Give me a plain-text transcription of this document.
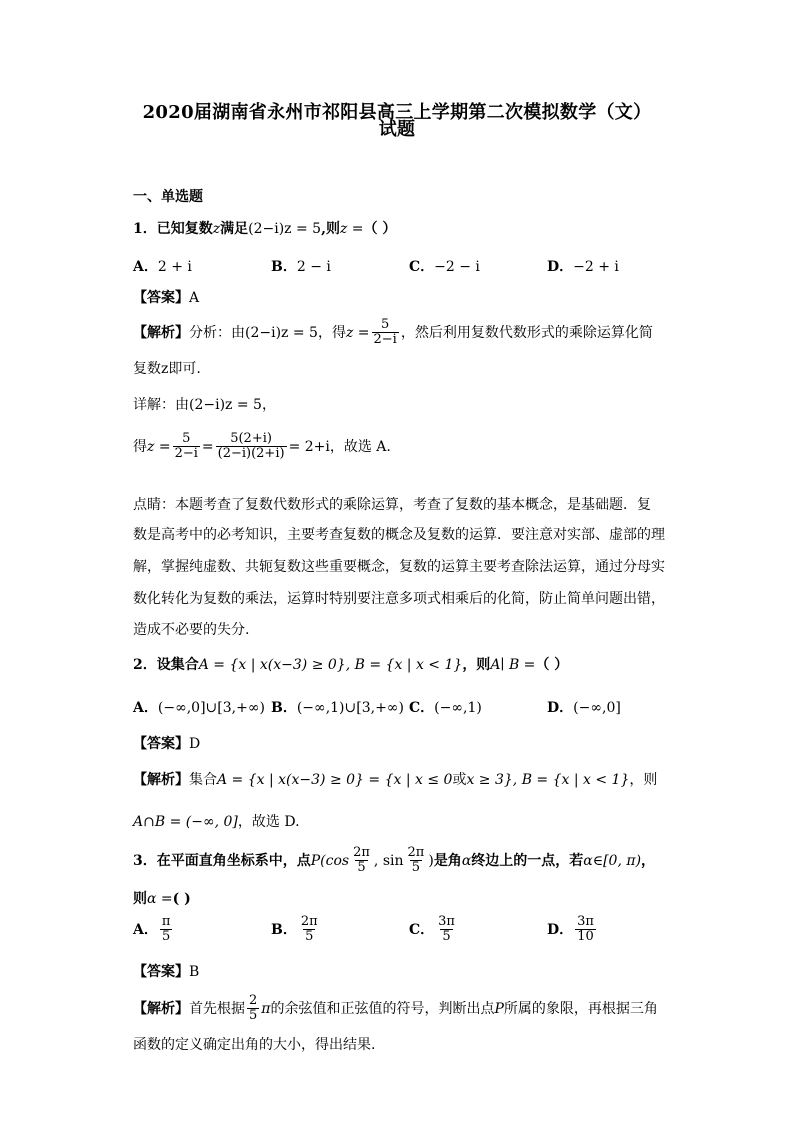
2020届湖南省永州市祁阳县高三上学期第二次模拟数学（文）
试题
一、单选题
1．已知复数z满足(2−i)z = 5,则z =（ ）
A．2 + i	B．2 − i	C．−2 − i	D．−2 + i
【答案】A
【解析】分析：由(2−i)z = 5，得$z = \frac{5}{2-i}$ ，然后利用复数代数形式的乘除运算化简
复数z即可.
详解：由(2−i)z = 5，
得$z = \frac{5}{2-i} = \frac{5(2+i)}{(2-i)(2+i)} = 2+i$，故选 A.
点睛：本题考查了复数代数形式的乘除运算，考查了复数的基本概念，是基础题．复
数是高考中的必考知识，主要考查复数的概念及复数的运算．要注意对实部、虚部的理
解，掌握纯虚数、共轭复数这些重要概念，复数的运算主要考查除法运算，通过分母实
数化转化为复数的乘法，运算时特别要注意多项式相乘后的化简，防止简单问题出错，
造成不必要的失分.
2．设集合A = {x | x(x−3) ≥ 0}, B = {x | x < 1}，则A∣ B =（ ）
A．(−∞,0]∪[3,+∞) B．(−∞,1)∪[3,+∞) C．(−∞,1)	D．(−∞,0]
【答案】D
【解析】集合A = {x | x(x−3) ≥ 0} = {x | x ≤ 0或x ≥ 3}, B = {x | x < 1}，则
A∩B = (−∞, 0]，故选 D.
3．在平面直角坐标系中，点$P(\cos \frac{2\pi}{5}$ , $\sin \frac{2\pi}{5}$ )是角α终边上的一点，若α∈[0, π)，
则α =( )
A． $\frac{\pi}{5}$	B． $\frac{2\pi}{5}$	C． $\frac{3\pi}{5}$	D． $\frac{3\pi}{10}$
【答案】B
【解析】首先根据 $\frac{2}{5}$ π的余弦值和正弦值的符号，判断出点P所属的象限，再根据三角
函数的定义确定出角的大小，得出结果.
